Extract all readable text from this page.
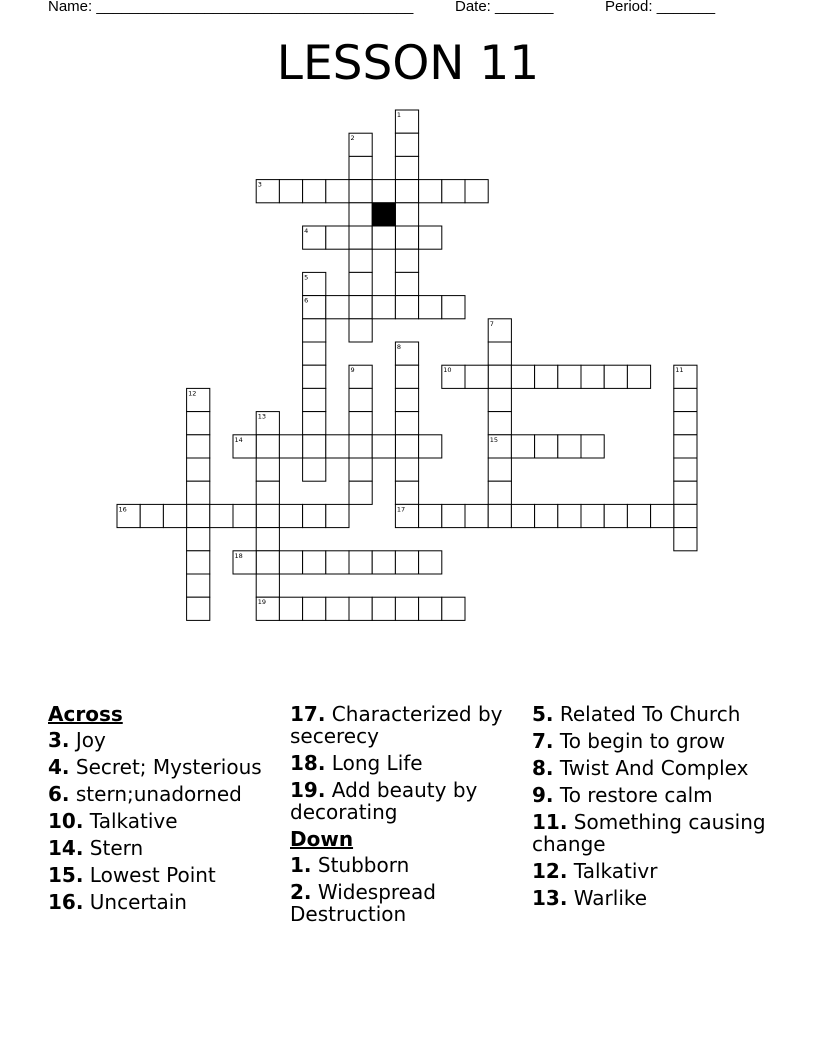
Name: ______________________________________	Date: _______	Period: _______
LESSON 11
1
2
3
4
5
6
7
8
9	10	11
12
13
14	15
16	17
18
19
Across
3. Joy
4. Secret; Mysterious
6. stern;unadorned
10. Talkative
14. Stern
15. Lowest Point
16. Uncertain
17. Characterized by secerecy
18. Long Life
19. Add beauty by decorating
Down
1. Stubborn
2. Widespread Destruction
5. Related To Church
7. To begin to grow
8. Twist And Complex
9. To restore calm
11. Something causing change
12. Talkativr
13. Warlike
